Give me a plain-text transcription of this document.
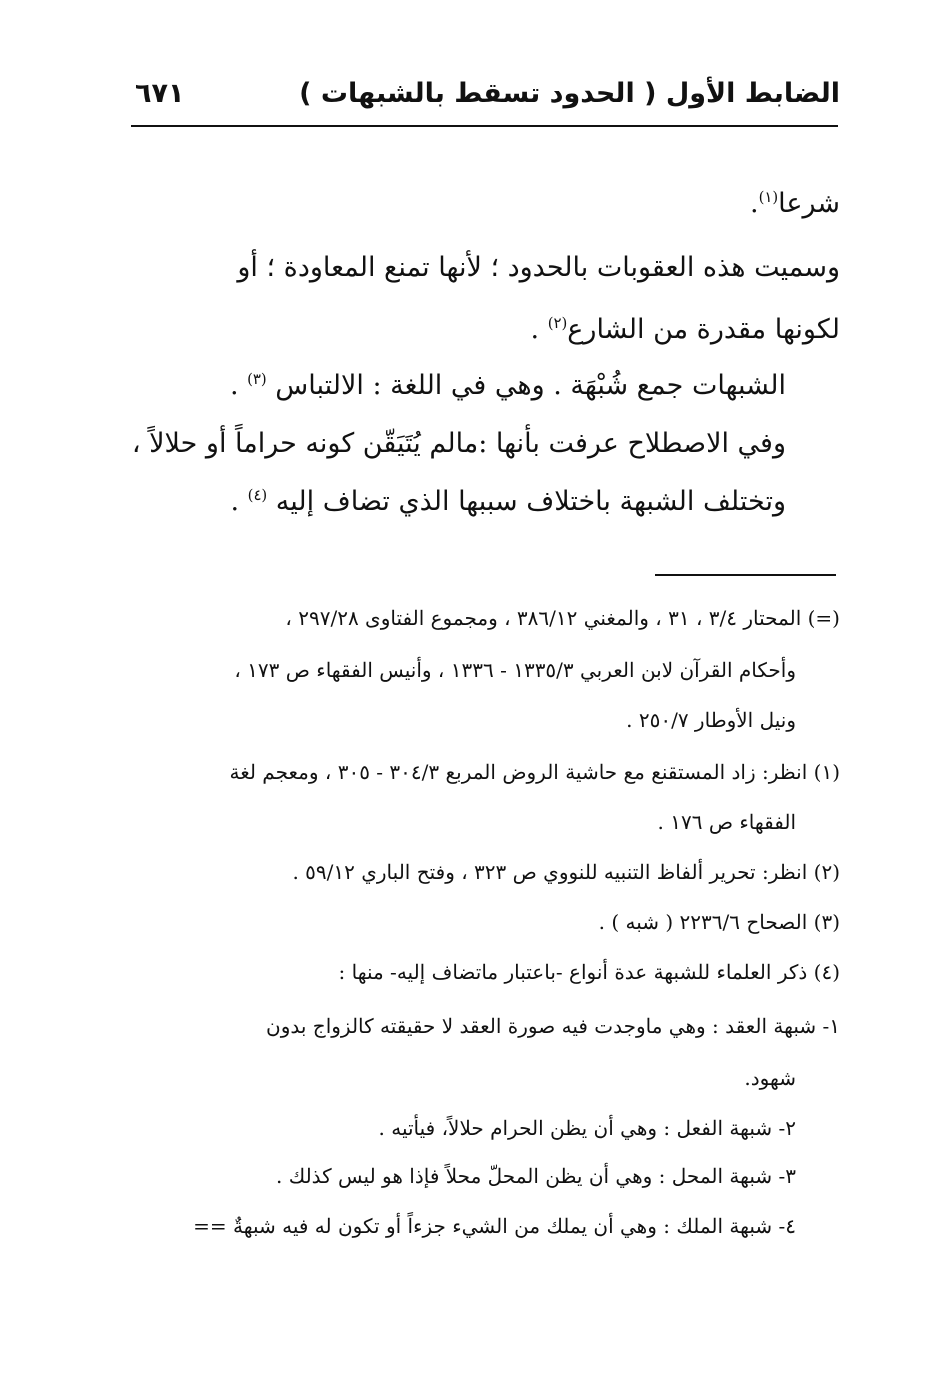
الضابط الأول ( الحدود تسقط بالشبهات )
٦٧١
شرعا$^{(١)}$.
وسميت هذه العقوبات بالحدود ؛ لأنها تمنع المعاودة ؛ أو
لكونها مقدرة من الشارع$^{(٢)}$ .
الشبهات جمع شُبْهَة . وهي في اللغة : الالتباس $^{(٣)}$ .
وفي الاصطلاح عرفت بأنها :مالم يُتَيَقّن كونه حراماً أو حلالاً ،
وتختلف الشبهة باختلاف سببها الذي تضاف إليه $^{(٤)}$ .
(=) المحتار ٣/٤ ، ٣١ ، والمغني ٣٨٦/١٢ ، ومجموع الفتاوى ٢٩٧/٢٨ ،
وأحكام القرآن لابن العربي ١٣٣٥/٣ - ١٣٣٦ ، وأنيس الفقهاء ص ١٧٣ ،
ونيل الأوطار ٢٥٠/٧ .
(١) انظر: زاد المستقنع مع حاشية الروض المربع ٣٠٤/٣ - ٣٠٥ ، ومعجم لغة
الفقهاء ص ١٧٦ .
(٢) انظر: تحرير ألفاظ التنبيه للنووي ص ٣٢٣ ، وفتح الباري ٥٩/١٢ .
(٣) الصحاح ٢٢٣٦/٦ ( شبه ) .
(٤) ذكر العلماء للشبهة عدة أنواع -باعتبار ماتضاف إليه- منها :
١- شبهة العقد : وهي ماوجدت فيه صورة العقد لا حقيقته كالزواج بدون
شهود.
٢- شبهة الفعل : وهي أن يظن الحرام حلالاً، فيأتيه .
٣- شبهة المحل : وهي أن يظن المحلّ محلاً فإذا هو ليس كذلك .
٤- شبهة الملك : وهي أن يملك من الشيء جزءاً أو تكون له فيه شبهةٌ ==
